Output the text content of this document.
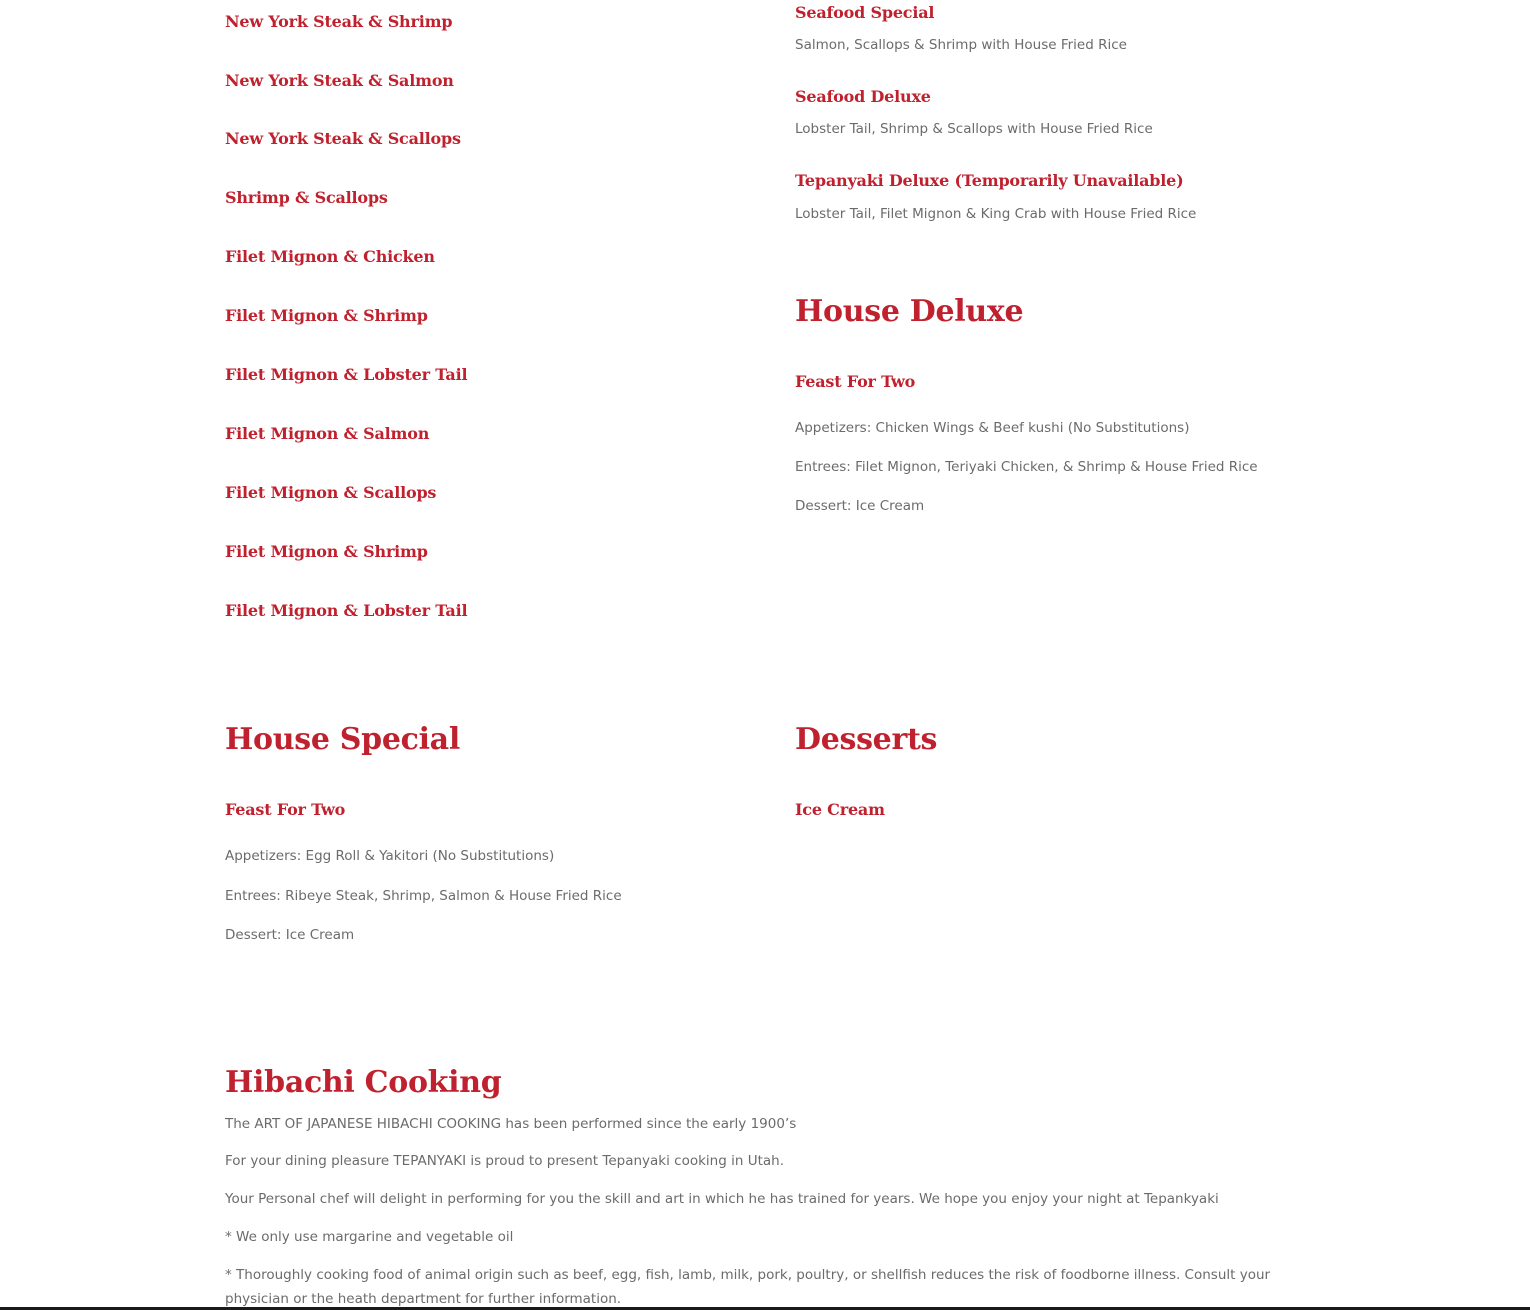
New York Steak & Shrimp
New York Steak & Salmon
New York Steak & Scallops
Shrimp & Scallops
Filet Mignon & Chicken
Filet Mignon & Shrimp
Filet Mignon & Lobster Tail
Filet Mignon & Salmon
Filet Mignon & Scallops
Filet Mignon & Shrimp
Filet Mignon & Lobster Tail
Seafood Special
Salmon, Scallops & Shrimp with House Fried Rice
Seafood Deluxe
Lobster Tail, Shrimp & Scallops with House Fried Rice
Tepanyaki Deluxe (Temporarily Unavailable)
Lobster Tail, Filet Mignon & King Crab with House Fried Rice
House Deluxe
Feast For Two
Appetizers: Chicken Wings & Beef kushi (No Substitutions)
Entrees: Filet Mignon, Teriyaki Chicken, & Shrimp & House Fried Rice
Dessert: Ice Cream
House Special
Feast For Two
Appetizers: Egg Roll & Yakitori (No Substitutions)
Entrees: Ribeye Steak, Shrimp, Salmon & House Fried Rice
Dessert: Ice Cream
Desserts
Ice Cream
Hibachi Cooking

The ART OF JAPANESE HIBACHI COOKING has been performed since the early 1900’s

For your dining pleasure TEPANYAKI is proud to present Tepanyaki cooking in Utah.

Your Personal chef will delight in performing for you the skill and art in which he has trained for years. We hope you enjoy your night at Tepankyaki

* We only use margarine and vegetable oil

* Thoroughly cooking food of animal origin such as beef, egg, fish, lamb, milk, pork, poultry, or shellfish reduces the risk of foodborne illness. Consult your physician or the heath department for further information.
